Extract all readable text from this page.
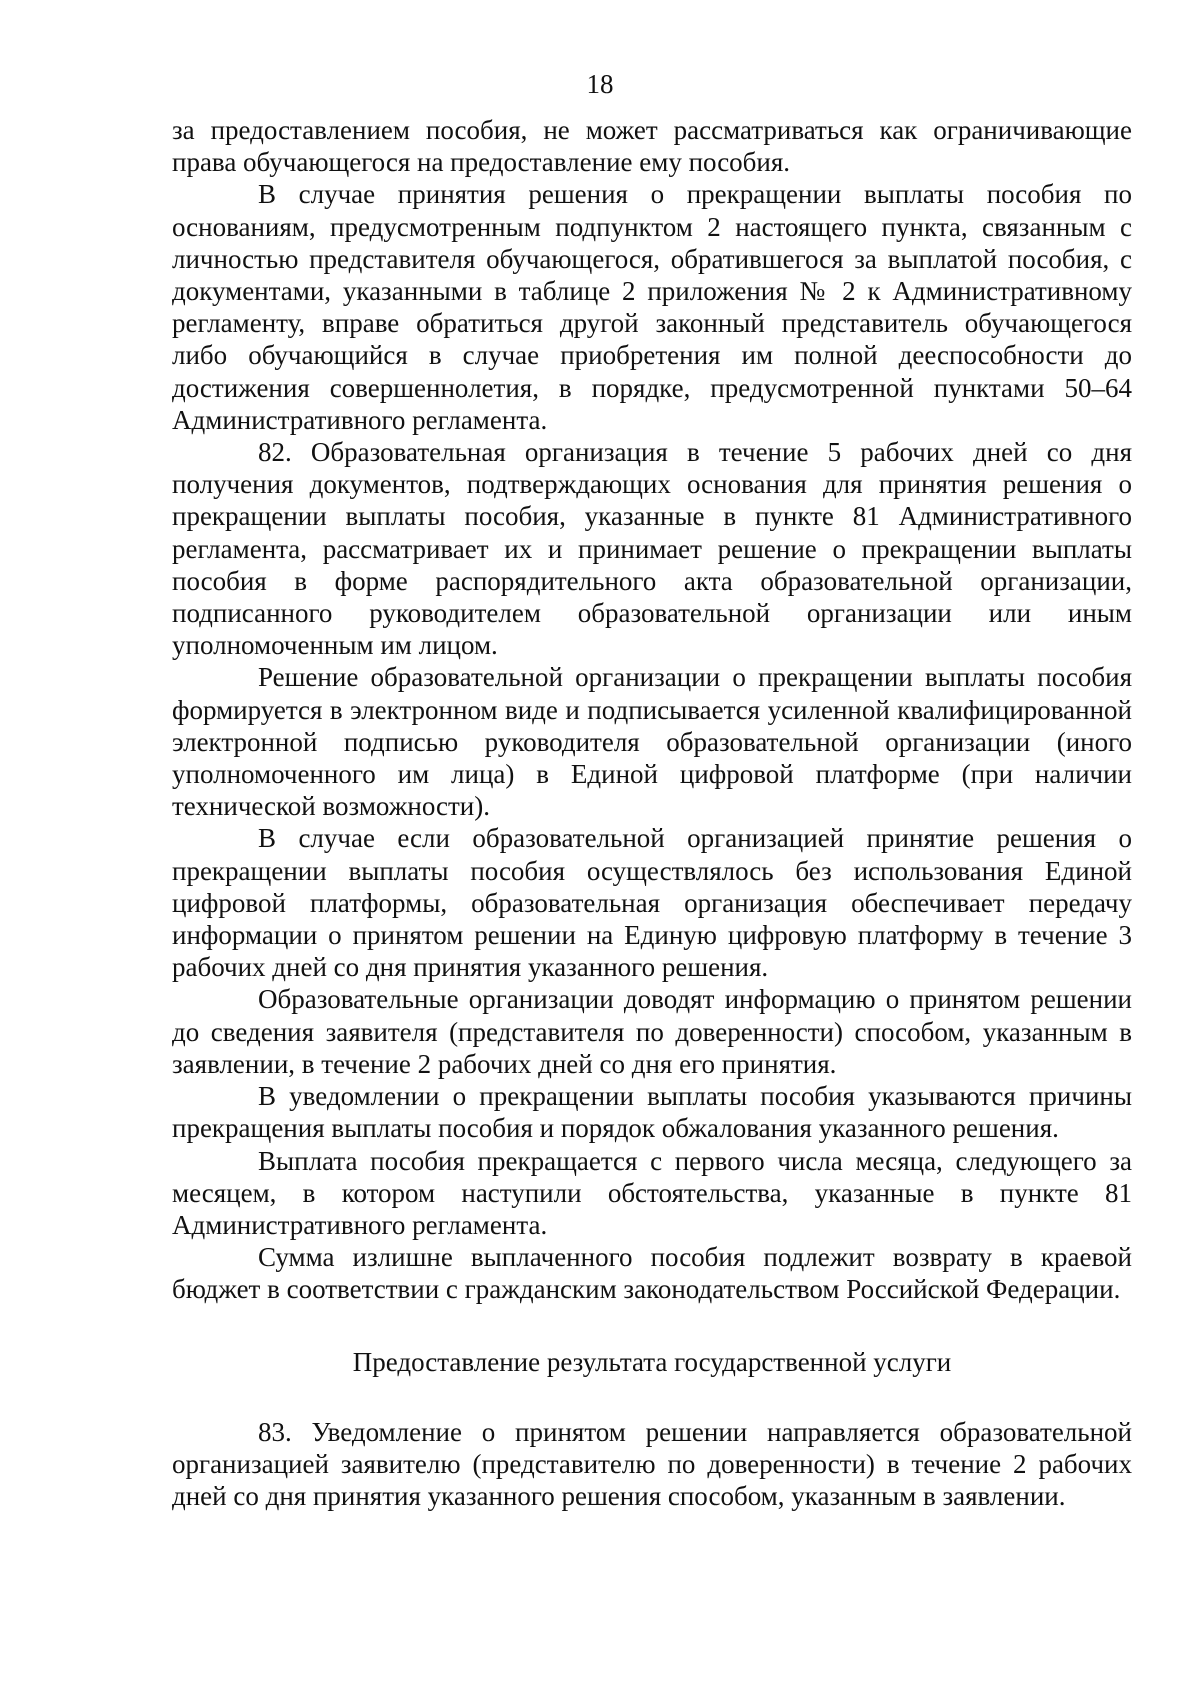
18

за предоставлением пособия, не может рассматриваться как ограничивающие права обучающегося на предоставление ему пособия.

В случае принятия решения о прекращении выплаты пособия по основаниям, предусмотренным подпунктом 2 настоящего пункта, связанным с личностью представителя обучающегося, обратившегося за выплатой пособия, с документами, указанными в таблице 2 приложения № 2 к Административному регламенту, вправе обратиться другой законный представитель обучающегося либо обучающийся в случае приобретения им полной дееспособности до достижения совершеннолетия, в порядке, предусмотренной пунктами 50–64 Административного регламента.

82. Образовательная организация в течение 5 рабочих дней со дня получения документов, подтверждающих основания для принятия решения о прекращении выплаты пособия, указанные в пункте 81 Административного регламента, рассматривает их и принимает решение о прекращении выплаты пособия в форме распорядительного акта образовательной организации, подписанного руководителем образовательной организации или иным уполномоченным им лицом.

Решение образовательной организации о прекращении выплаты пособия формируется в электронном виде и подписывается усиленной квалифицированной электронной подписью руководителя образовательной организации (иного уполномоченного им лица) в Единой цифровой платформе (при наличии технической возможности).

В случае если образовательной организацией принятие решения о прекращении выплаты пособия осуществлялось без использования Единой цифровой платформы, образовательная организация обеспечивает передачу информации о принятом решении на Единую цифровую платформу в течение 3 рабочих дней со дня принятия указанного решения.

Образовательные организации доводят информацию о принятом решении до сведения заявителя (представителя по доверенности) способом, указанным в заявлении, в течение 2 рабочих дней со дня его принятия.

В уведомлении о прекращении выплаты пособия указываются причины прекращения выплаты пособия и порядок обжалования указанного решения.

Выплата пособия прекращается с первого числа месяца, следующего за месяцем, в котором наступили обстоятельства, указанные в пункте 81 Административного регламента.

Сумма излишне выплаченного пособия подлежит возврату в краевой бюджет в соответствии с гражданским законодательством Российской Федерации.

Предоставление результата государственной услуги

83. Уведомление о принятом решении направляется образовательной организацией заявителю (представителю по доверенности) в течение 2 рабочих дней со дня принятия указанного решения способом, указанным в заявлении.
